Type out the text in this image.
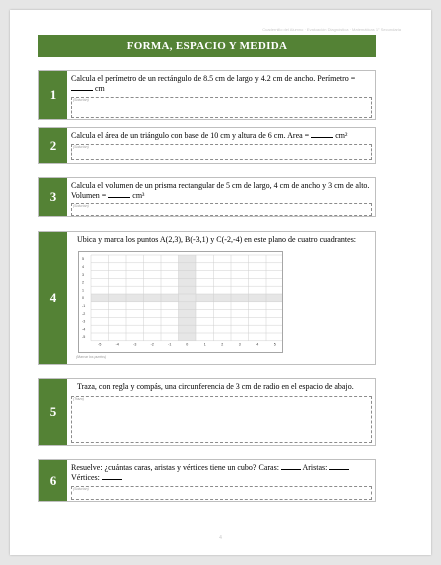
Cuadernillo del Alumno · Evaluación Diagnóstica · Matemáticas 1° Secundaria
FORMA, ESPACIO Y MEDIDA
1
Calcula el perímetro de un rectángulo de 8.5 cm de largo y 4.2 cm de ancho. Perímetro =  cm
(Solución)
2
Calcula el área de un triángulo con base de 10 cm y altura de 6 cm. Area =	cm²
(Solución)
3
Calcula el volumen de un prisma rectangular de 5 cm de largo, 4 cm de ancho y 3 cm de alto. Volumen =	cm³
(Solución)
4
Ubica y marca los puntos A(2,3), B(-3,1) y C(-2,-4) en este plano de cuatro cuadrantes:
5
4
3
2
1
0
-1
-2
-3
-4
-5
-5	-4	-3	-2	-1	0	1	2	3	4	5
(Marcar los puntos)
5
Traza, con regla y compás, una circunferencia de 3 cm de radio en el espacio de abajo.
(Trazo)
6
Resuelve: ¿cuántas caras, aristas y vértices tiene un cubo? Caras:	Aristas:  Vértices:
(Solución)
4
